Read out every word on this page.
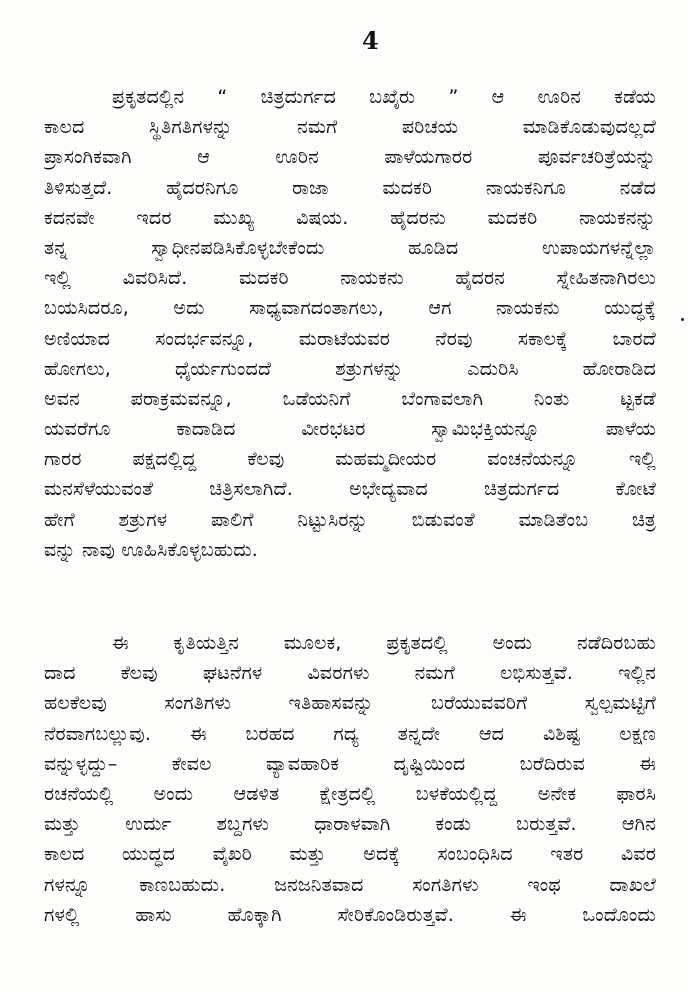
4
ಪ್ರಕೃತದಲ್ಲಿನ “ ಚಿತ್ರದುರ್ಗದ ಬಖೈರು ” ಆ ಊರಿನ ಕಡೆಯ
ಕಾಲದ ಸ್ಥಿತಿಗತಿಗಳನ್ನು ನಮಗೆ ಪರಿಚಯ ಮಾಡಿಕೊಡುವುದಲ್ಲದೆ
ಪ್ರಾಸಂಗಿಕವಾಗಿ ಆ ಊರಿನ ಪಾಳೆಯಗಾರರ ಪೂರ್ವಚರಿತ್ರೆಯನ್ನು
ತಿಳಿಸುತ್ತದೆ. ಹೈದರನಿಗೂ ರಾಜಾ ಮದಕರಿ ನಾಯಕನಿಗೂ ನಡೆದ
ಕದನವೇ ಇದರ ಮುಖ್ಯ ವಿಷಯ. ಹೈದರನು ಮದಕರಿ ನಾಯಕನನ್ನು
ತನ್ನ ಸ್ವಾಧೀನಪಡಿಸಿಕೊಳ್ಳಬೇಕೆಂದು ಹೂಡಿದ ಉಪಾಯಗಳನ್ನೆಲ್ಲಾ
ಇಲ್ಲಿ ವಿವರಿಸಿದೆ. ಮದಕರಿ ನಾಯಕನು ಹೈದರನ ಸ್ನೇಹಿತನಾಗಿರಲು
ಬಯಸಿದರೂ, ಅದು ಸಾಧ್ಯವಾಗದಂತಾಗಲು, ಆಗ ನಾಯಕನು ಯುದ್ಧಕ್ಕೆ
ಅಣಿಯಾದ ಸಂದರ್ಭವನ್ನೂ, ಮರಾಟೆಯವರ ನೆರವು ಸಕಾಲಕ್ಕೆ ಬಾರದೆ
ಹೋಗಲು, ಧೈರ್ಯಗುಂದದೆ ಶತ್ರುಗಳನ್ನು ಎದುರಿಸಿ ಹೋರಾಡಿದ
ಅವನ ಪರಾಕ್ರಮವನ್ನೂ, ಒಡೆಯನಿಗೆ ಬೆಂಗಾವಲಾಗಿ ನಿಂತು ಟ್ಟಕಡೆ
ಯವರೆಗೂ ಕಾದಾಡಿದ ವೀರಭಟರ ಸ್ವಾಮಿಭಕ್ತಿಯನ್ನೂ ಪಾಳೆಯ
ಗಾರರ ಪಕ್ಷದಲ್ಲಿದ್ದ ಕೆಲವು ಮಹಮ್ಮದೀಯರ ವಂಚನೆಯನ್ನೂ ಇಲ್ಲಿ
ಮನಸೆಳೆಯುವಂತೆ ಚಿತ್ರಿಸಲಾಗಿದೆ. ಅಭೇದ್ಯವಾದ ಚಿತ್ರದುರ್ಗದ ಕೋಟೆ
ಹೇಗೆ ಶತ್ರುಗಳ ಪಾಲಿಗೆ ನಿಟ್ಟುಸಿರನ್ನು ಬಿಡುವಂತೆ ಮಾಡಿತೆಂಬ ಚಿತ್ರ
ವನ್ನು ನಾವು ಊಹಿಸಿಕೊಳ್ಳಬಹುದು.
ಈ ಕೃತಿಯತ್ತಿನ ಮೂಲಕ, ಪ್ರಕೃತದಲ್ಲಿ ಅಂದು ನಡೆದಿರಬಹು
ದಾದ ಕೆಲವು ಘಟನೆಗಳ ವಿವರಗಳು ನಮಗೆ ಲಭಿಸುತ್ತವೆ. ಇಲ್ಲಿನ
ಹಲಕೆಲವು ಸಂಗತಿಗಳು ಇತಿಹಾಸವನ್ನು ಬರೆಯುವವರಿಗೆ ಸ್ವಲ್ಪಮಟ್ಟಿಗೆ
ನೆರವಾಗಬಲ್ಲುವು. ಈ ಬರಹದ ಗದ್ಯ ತನ್ನದೇ ಆದ ವಿಶಿಷ್ಟ ಲಕ್ಷಣ
ವನ್ನುಳ್ಳದ್ದು– ಕೇವಲ ವ್ಯಾವಹಾರಿಕ ದೃಷ್ಟಿಯಿಂದ ಬರೆದಿರುವ ಈ
ರಚನೆಯಲ್ಲಿ ಅಂದು ಆಡಳಿತ ಕ್ಷೇತ್ರದಲ್ಲಿ ಬಳಕೆಯಲ್ಲಿದ್ದ ಅನೇಕ ಫಾರಸಿ
ಮತ್ತು ಉರ್ದು ಶಬ್ದಗಳು ಧಾರಾಳವಾಗಿ ಕಂಡು ಬರುತ್ತವೆ. ಆಗಿನ
ಕಾಲದ ಯುದ್ಧದ ವೈಖರಿ ಮತ್ತು ಅದಕ್ಕೆ ಸಂಬಂಧಿಸಿದ ಇತರ ವಿವರ
ಗಳನ್ನೂ ಕಾಣಬಹುದು. ಜನಜನಿತವಾದ ಸಂಗತಿಗಳು ಇಂಥ ದಾಖಲೆ
ಗಳಲ್ಲಿ ಹಾಸು ಹೊಕ್ಕಾಗಿ ಸೇರಿಕೊಂಡಿರುತ್ತವೆ. ಈ ಒಂದೊಂದು
